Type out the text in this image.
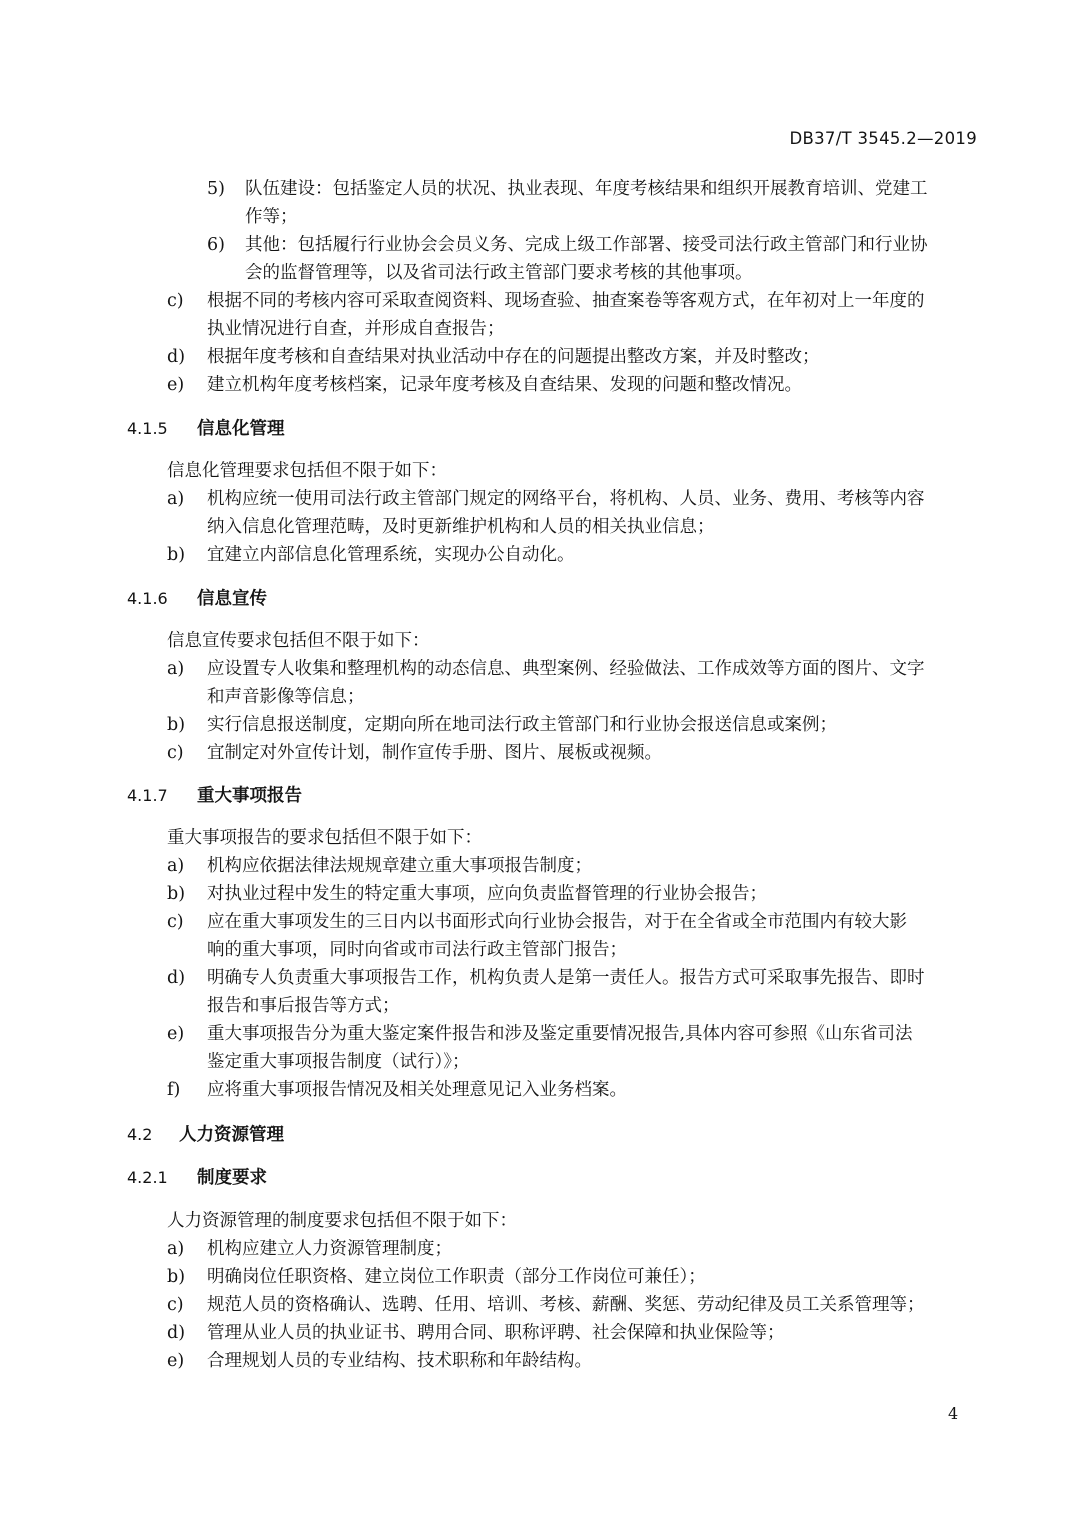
DB37/T 3545.2—2019
5) 队伍建设：包括鉴定人员的状况、执业表现、年度考核结果和组织开展教育培训、党建工
作等；
6) 其他：包括履行行业协会会员义务、完成上级工作部署、接受司法行政主管部门和行业协
会的监督管理等，以及省司法行政主管部门要求考核的其他事项。
c) 根据不同的考核内容可采取查阅资料、现场查验、抽查案卷等客观方式，在年初对上一年度的
执业情况进行自查，并形成自查报告；
d) 根据年度考核和自查结果对执业活动中存在的问题提出整改方案，并及时整改；
e) 建立机构年度考核档案，记录年度考核及自查结果、发现的问题和整改情况。
4.1.5 信息化管理
信息化管理要求包括但不限于如下：
a) 机构应统一使用司法行政主管部门规定的网络平台，将机构、人员、业务、费用、考核等内容
纳入信息化管理范畴，及时更新维护机构和人员的相关执业信息；
b) 宜建立内部信息化管理系统，实现办公自动化。
4.1.6 信息宣传
信息宣传要求包括但不限于如下：
a) 应设置专人收集和整理机构的动态信息、典型案例、经验做法、工作成效等方面的图片、文字
和声音影像等信息；
b) 实行信息报送制度，定期向所在地司法行政主管部门和行业协会报送信息或案例；
c) 宜制定对外宣传计划，制作宣传手册、图片、展板或视频。
4.1.7 重大事项报告
重大事项报告的要求包括但不限于如下：
a) 机构应依据法律法规规章建立重大事项报告制度；
b) 对执业过程中发生的特定重大事项，应向负责监督管理的行业协会报告；
c) 应在重大事项发生的三日内以书面形式向行业协会报告，对于在全省或全市范围内有较大影
响的重大事项，同时向省或市司法行政主管部门报告；
d) 明确专人负责重大事项报告工作，机构负责人是第一责任人。报告方式可采取事先报告、即时
报告和事后报告等方式；
e) 重大事项报告分为重大鉴定案件报告和涉及鉴定重要情况报告,具体内容可参照《山东省司法
鉴定重大事项报告制度（试行）》；
f) 应将重大事项报告情况及相关处理意见记入业务档案。
4.2 人力资源管理
4.2.1 制度要求
人力资源管理的制度要求包括但不限于如下：
a) 机构应建立人力资源管理制度；
b) 明确岗位任职资格、建立岗位工作职责（部分工作岗位可兼任）；
c) 规范人员的资格确认、选聘、任用、培训、考核、薪酬、奖惩、劳动纪律及员工关系管理等；
d) 管理从业人员的执业证书、聘用合同、职称评聘、社会保障和执业保险等；
e) 合理规划人员的专业结构、技术职称和年龄结构。
4
